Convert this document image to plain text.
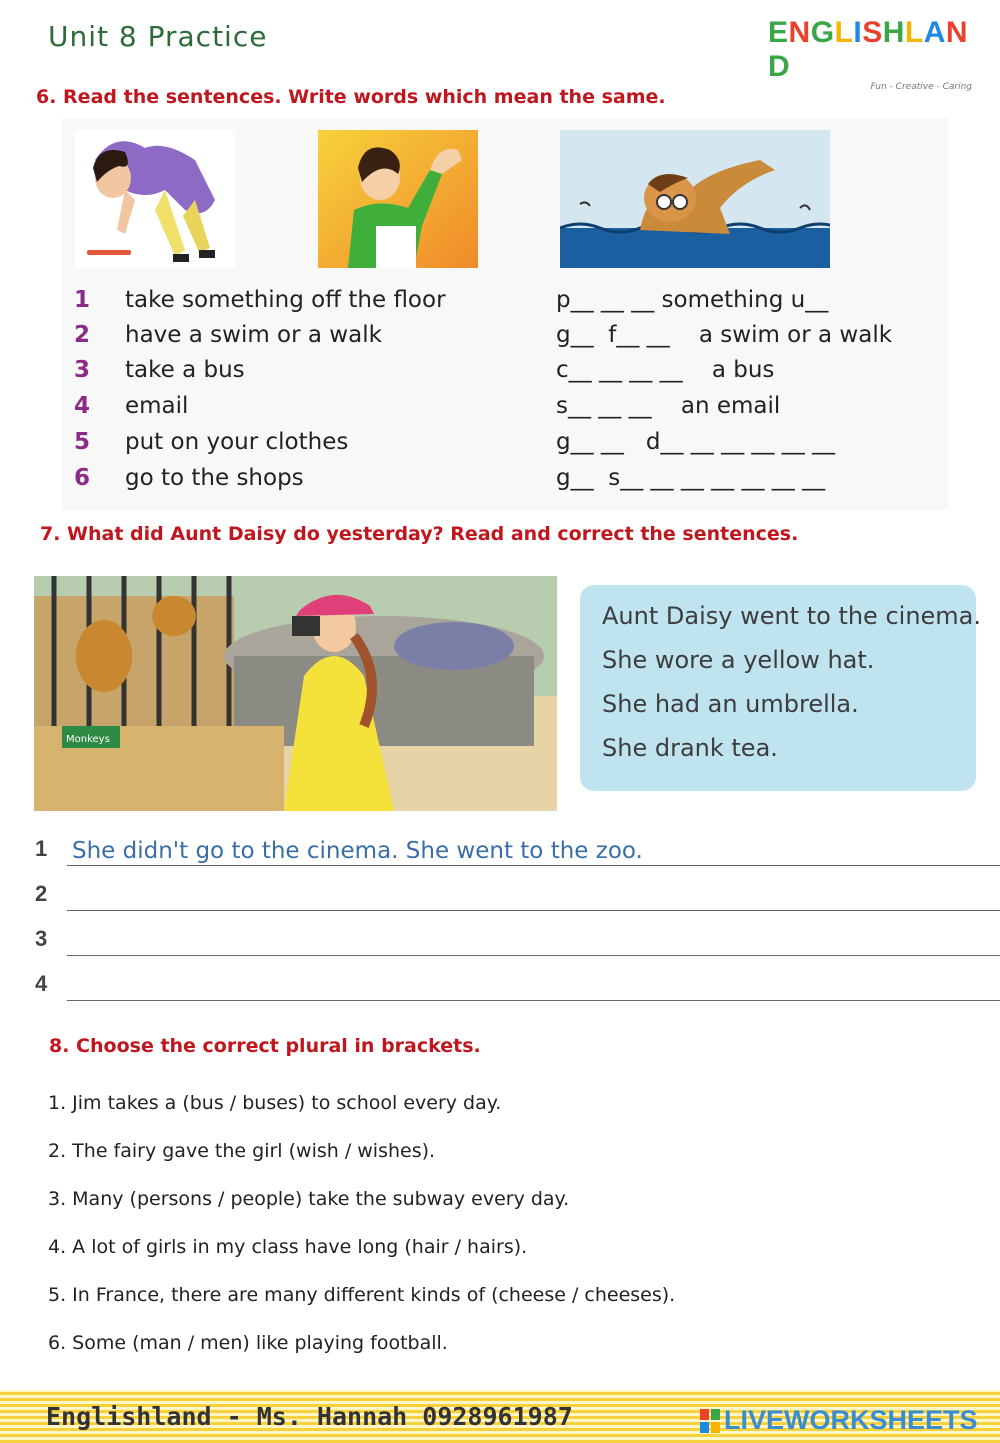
Unit 8 Practice	ENGLISHLAND
Fun - Creative - Caring
6. Read the sentences. Write words which mean the same.
1 take something off the floor	p__ __ __ something u__
2 have a swim or a walk	g__  f__ __    a swim or a walk
3 take a bus	c__ __ __ __    a bus
4 email	s__ __ __    an email
5 put on your clothes	g__ __   d__ __ __ __ __ __
6 go to the shops	g__  s__ __ __ __ __ __ __
7. What did Aunt Daisy do yesterday? Read and correct the sentences.
Monkeys
Aunt Daisy went to the cinema.
She wore a yellow hat.
She had an umbrella.
She drank tea.
1 She didn't go to the cinema. She went to the zoo.
2
3
4
8. Choose the correct plural in brackets.
1. Jim takes a (bus / buses) to school every day.
2. The fairy gave the girl (wish / wishes).
3. Many (persons / people) take the subway every day.
4. A lot of girls in my class have long (hair / hairs).
5. In France, there are many different kinds of (cheese / cheeses).
6. Some (man / men) like playing football.
Englishland - Ms. Hannah 0928961987	LIVEWORKSHEETS
